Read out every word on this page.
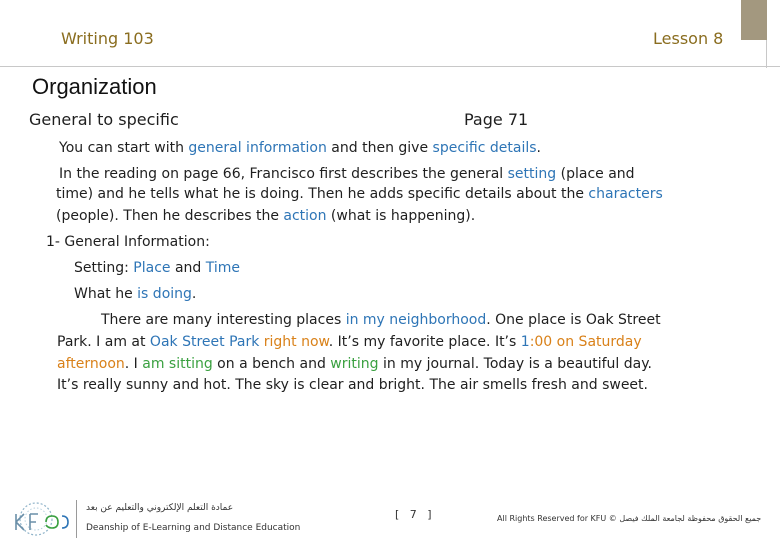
Writing 103	Lesson 8
Organization
General to specific	Page 71
You can start with general information and then give specific details.
In the reading on page 66, Francisco first describes the general setting (place and
time) and he tells what he is doing. Then he adds specific details about the characters
(people). Then he describes the action (what is happening).
1- General Information:
Setting: Place and Time
What he is doing.
There are many interesting places in my neighborhood. One place is Oak Street
Park. I am at Oak Street Park right now. It’s my favorite place. It’s 1:00 on Saturday
afternoon. I am sitting on a bench and writing in my journal. Today is a beautiful day.
It’s really sunny and hot. The sky is clear and bright. The air smells fresh and sweet.
عمادة التعلم الإلكتروني والتعليم عن بعد
Deanship of E-Learning and Distance Education
[ 7 ]	All Rights Reserved for KFU © جميع الحقوق محفوظة لجامعة الملك فيصل
